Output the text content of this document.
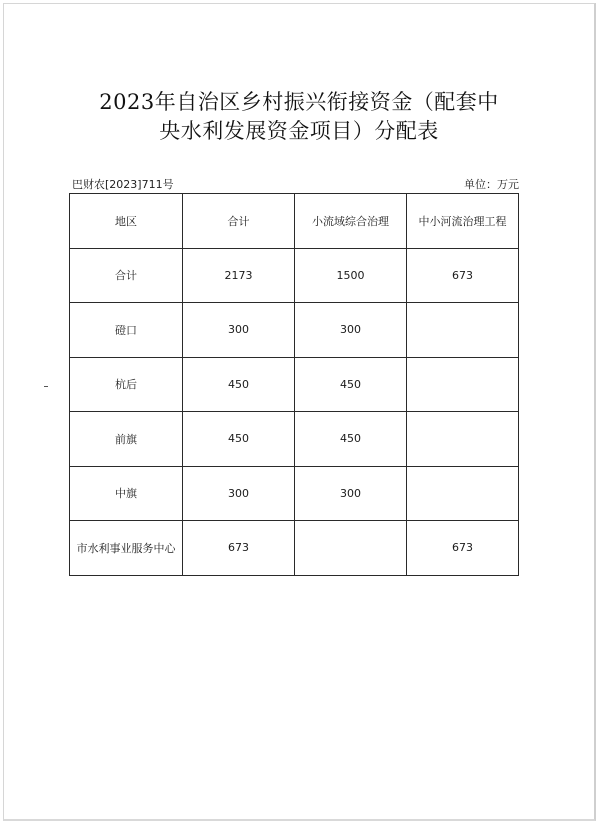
2023年自治区乡村振兴衔接资金（配套中
央水利发展资金项目）分配表
巴财农[2023]711号	单位：万元
地区	合计	小流域综合治理	中小河流治理工程
合计	2173	1500	673
磴口	300	300	
杭后	450	450	
前旗	450	450	
中旗	300	300	
市水利事业服务中心	673		673
